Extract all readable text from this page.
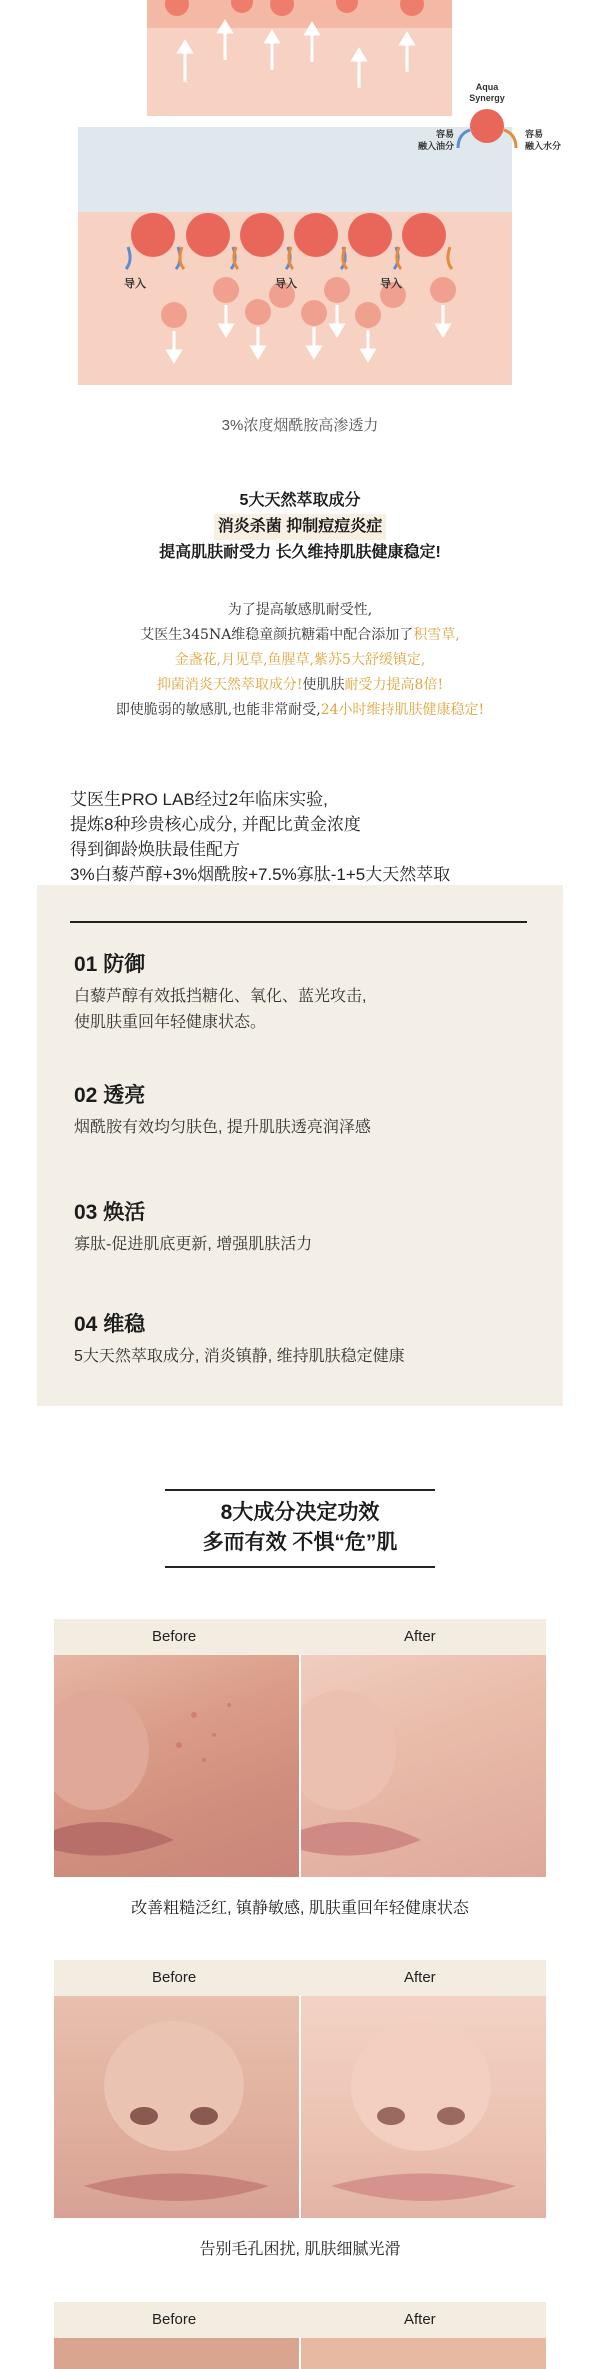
导入	导入	导入
Aqua
Synergy
容易
融入油分
容易
融入水分
3%浓度烟酰胺高渗透力
5大天然萃取成分
消炎杀菌 抑制痘痘炎症
提高肌肤耐受力 长久维持肌肤健康稳定!
为了提高敏感肌耐受性,
艾医生345NA维稳童颜抗糖霜中配合添加了积雪草,
金盏花,月见草,鱼腥草,紫苏5大舒缓镇定,
抑菌消炎天然萃取成分!使肌肤耐受力提高8倍!
即使脆弱的敏感肌,也能非常耐受,24小时维持肌肤健康稳定!
艾医生PRO LAB经过2年临床实验,
提炼8种珍贵核心成分, 并配比黄金浓度
得到御龄焕肤最佳配方
3%白藜芦醇+3%烟酰胺+7.5%寡肽-1+5大天然萃取
01 防御
白藜芦醇有效抵挡糖化、氧化、蓝光攻击,
使肌肤重回年轻健康状态。
02 透亮
烟酰胺有效均匀肤色, 提升肌肤透亮润泽感
03 焕活
寡肽-促进肌底更新, 增强肌肤活力
04 维稳
5大天然萃取成分, 消炎镇静, 维持肌肤稳定健康
8大成分决定功效
多而有效 不惧“危”肌
Before	After
改善粗糙泛红, 镇静敏感, 肌肤重回年轻健康状态
Before	After
告别毛孔困扰, 肌肤细腻光滑
Before	After
